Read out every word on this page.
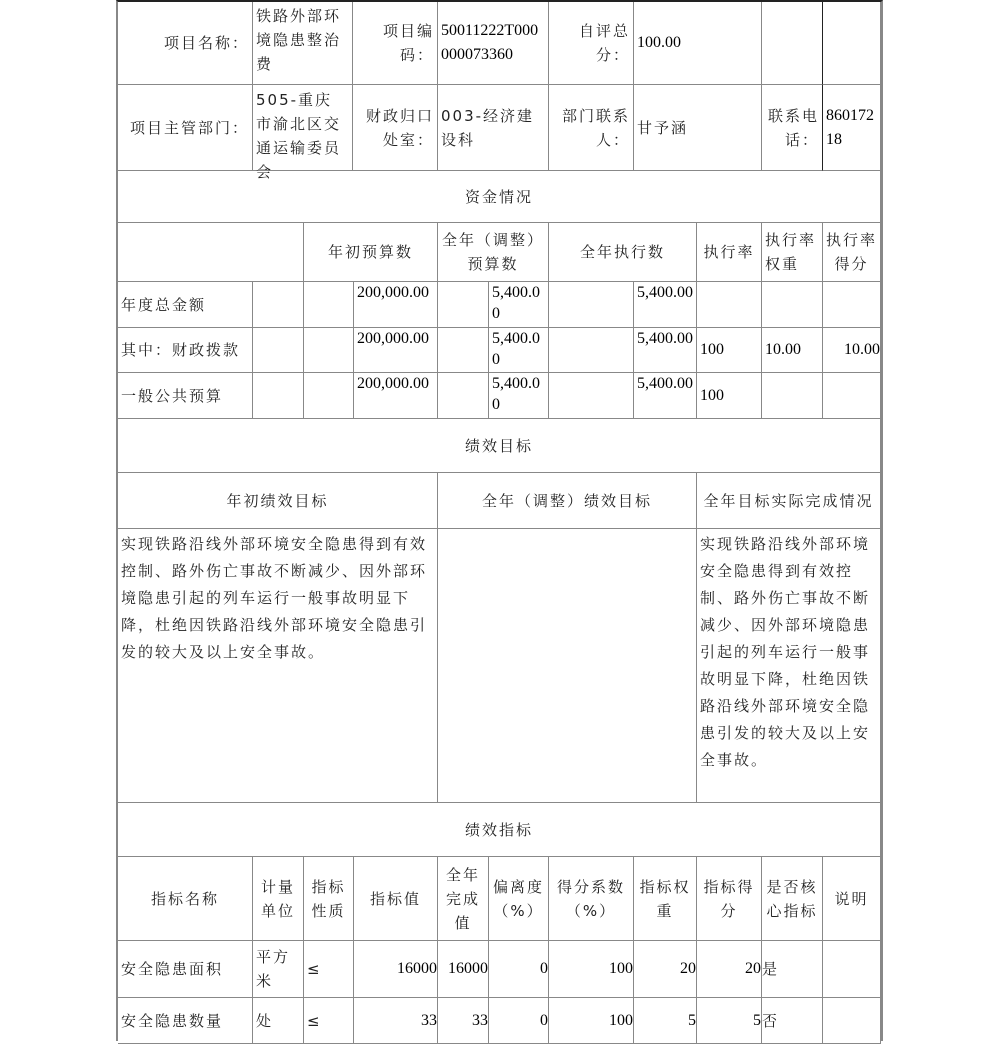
项目名称：
铁路外部环境隐患整治费
项目编码：
50011222T000000073360
自评总分：
100.00
项目主管部门：
505-重庆市渝北区交通运输委员会
财政归口处室：
003-经济建设科
部门联系人：
甘予涵
联系电话：
86017218
资金情况
年初预算数
全年（调整）预算数
全年执行数	执行率
执行率权重
执行率得分
年度总金额
200,000.00	5,400.00
5,400.00
其中：财政拨款
200,000.00	5,400.00
5,400.00
100	10.00	10.00
一般公共预算
200,000.00	5,400.00
5,400.00
100
绩效目标
年初绩效目标	全年（调整）绩效目标	全年目标实际完成情况
实现铁路沿线外部环境安全隐患得到有效控制、路外伤亡事故不断减少、因外部环境隐患引起的列车运行一般事故明显下降，杜绝因铁路沿线外部环境安全隐患引发的较大及以上安全事故。
实现铁路沿线外部环境安全隐患得到有效控制、路外伤亡事故不断减少、因外部环境隐患引起的列车运行一般事故明显下降，杜绝因铁路沿线外部环境安全隐患引发的较大及以上安全事故。
绩效指标
指标名称
计量单位
指标性质
指标值
全年完成值
偏离度（%）
得分系数（%）
指标权重
指标得分
是否核心指标
说明
安全隐患面积
平方米
≤	16000 16000	0	100	20	20 是
安全隐患数量	处	≤	33	33	0	100	5	5 否
